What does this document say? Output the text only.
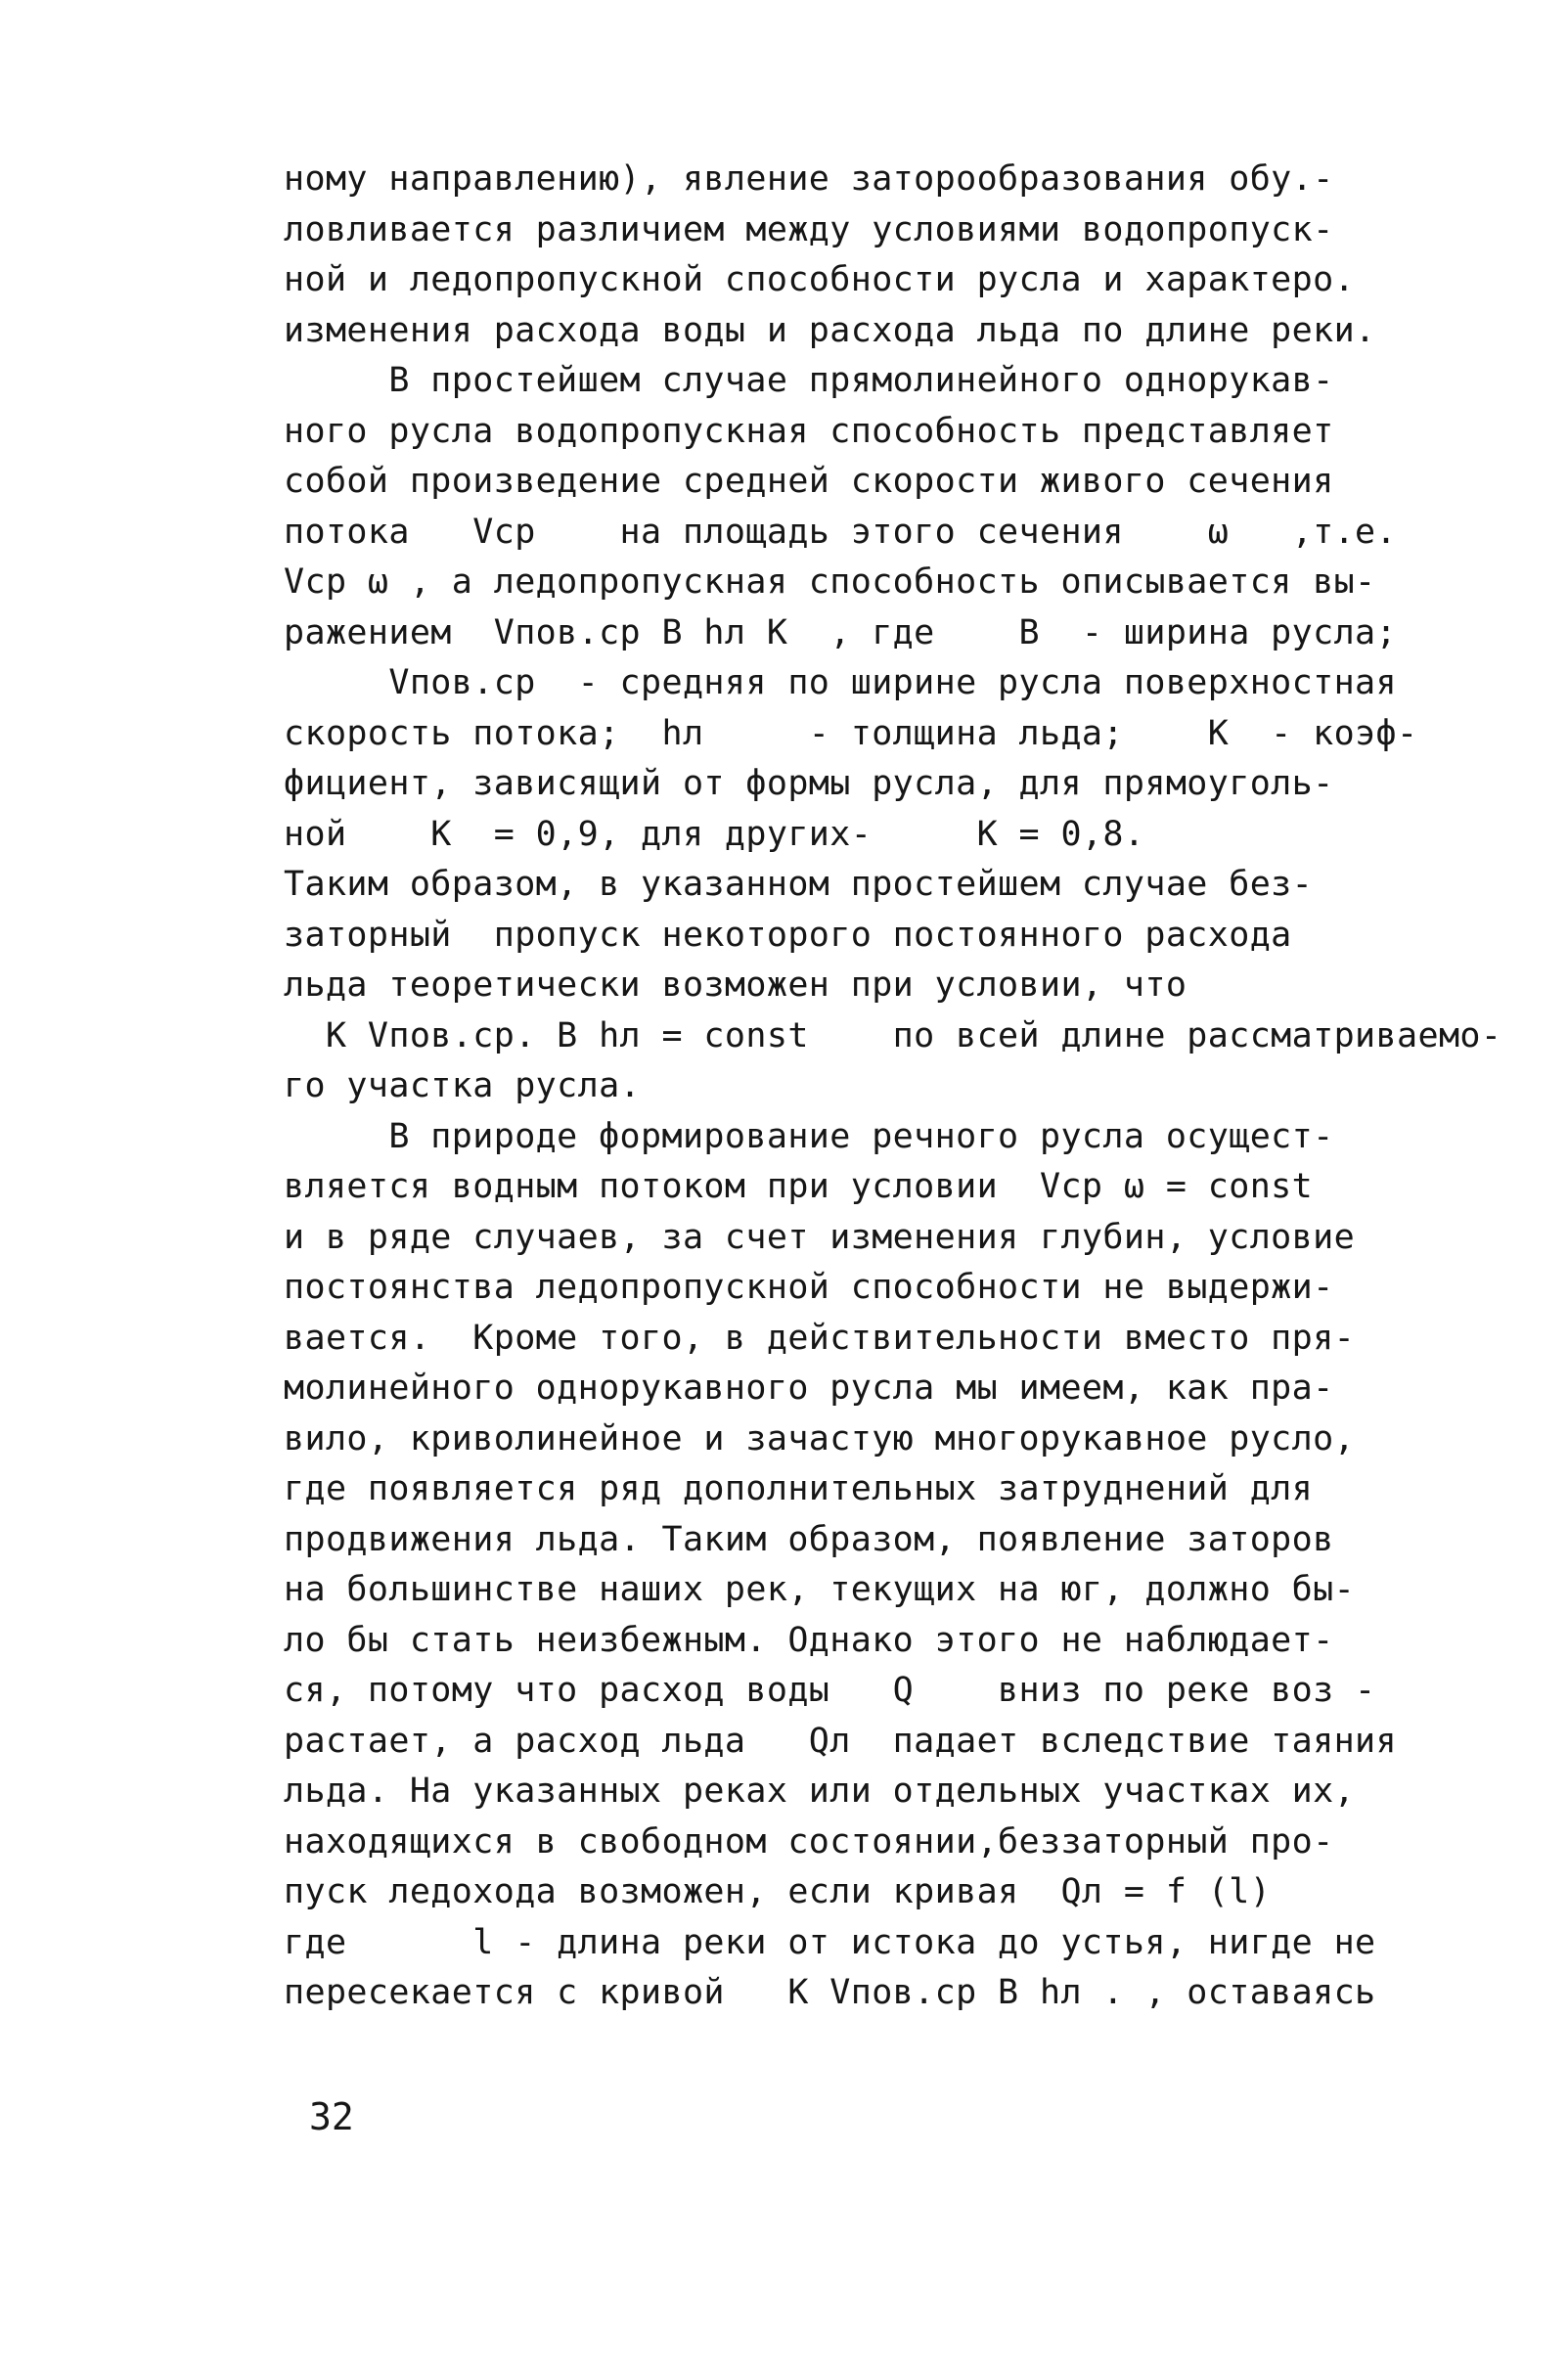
ному направлению), явление заторообразования обу.-
ловливается различием между условиями водопропуск-
ной и ледопропускной способности русла и характеро.
изменения расхода воды и расхода льда по длине реки.
В простейшем случае прямолинейного однорукав-
ного русла водопропускная способность представляет
собой произведение средней скорости живого сечения
потока   Vср    на площадь этого сечения    ω   ,т.е.
Vср ω , а ледопропускная способность описывается вы-
ражением  Vпов.ср B hл K  , где    B  - ширина русла;
Vпов.ср  - средняя по ширине русла поверхностная
скорость потока;  hл     - толщина льда;    K  - коэф-
фициент, зависящий от формы русла, для прямоуголь-
ной    K  = 0,9, для других-     K = 0,8.
Таким образом, в указанном простейшем случае без-
заторный  пропуск некоторого постоянного расхода
льда теоретически возможен при условии, что
K Vпов.ср. B hл = const    по всей длине рассматриваемо-
го участка русла.
В природе формирование речного русла осущест-
вляется водным потоком при условии  Vср ω = const
и в ряде случаев, за счет изменения глубин, условие
постоянства ледопропускной способности не выдержи-
вается.  Кроме того, в действительности вместо пря-
молинейного однорукавного русла мы имеем, как пра-
вило, криволинейное и зачастую многорукавное русло,
где появляется ряд дополнительных затруднений для
продвижения льда. Таким образом, появление заторов
на большинстве наших рек, текущих на юг, должно бы-
ло бы стать неизбежным. Однако этого не наблюдает-
ся, потому что расход воды   Q    вниз по реке воз -
растает, а расход льда   Qл  падает вследствие таяния
льда. На указанных реках или отдельных участках их,
находящихся в свободном состоянии,беззаторный про-
пуск ледохода возможен, если кривая  Qл = f (l)
где      l - длина реки от истока до устья, нигде не
пересекается с кривой   K Vпов.ср B hл . , оставаясь
32
